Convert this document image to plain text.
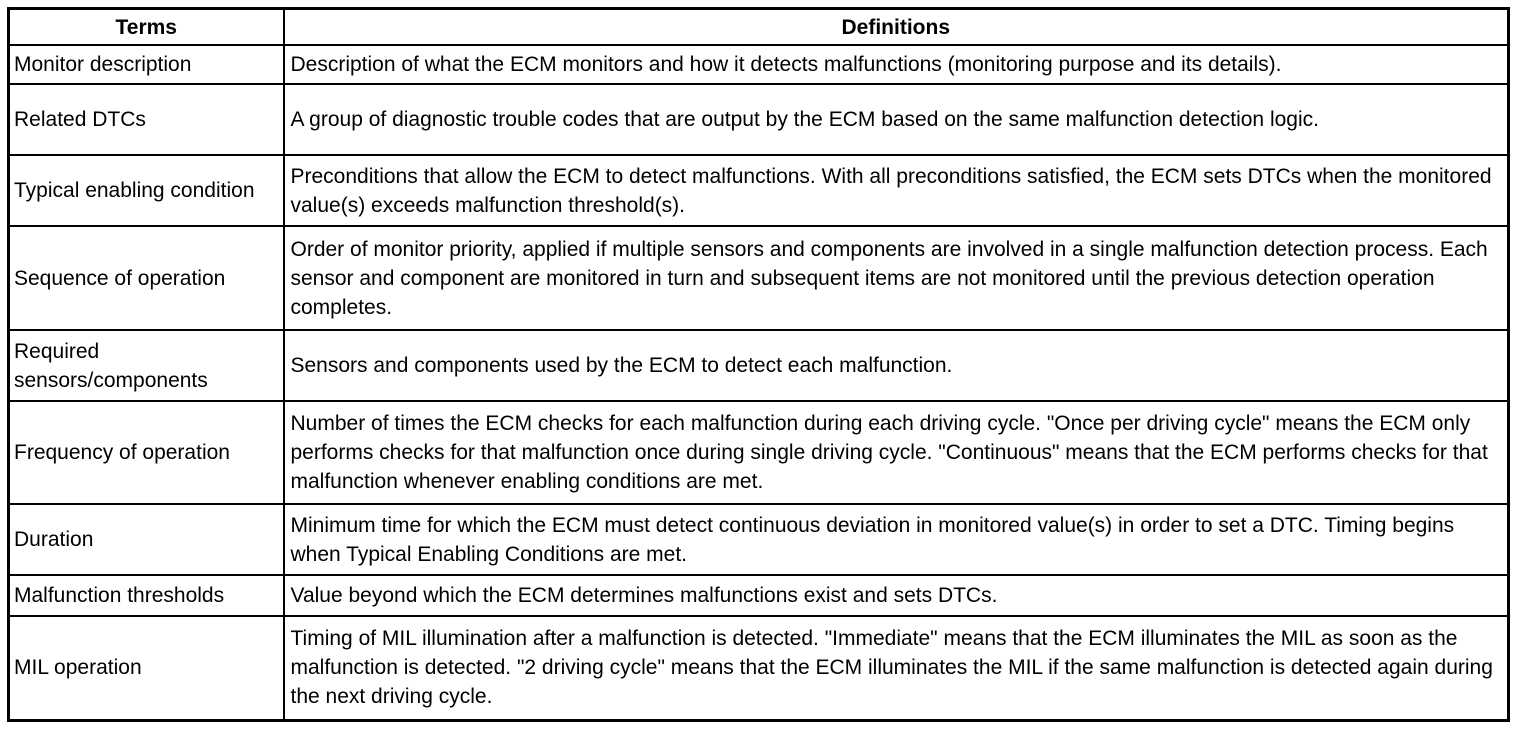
Terms	Definitions
Monitor description	Description of what the ECM monitors and how it detects malfunctions (monitoring purpose and its details).
Related DTCs	A group of diagnostic trouble codes that are output by the ECM based on the same malfunction detection logic.
Typical enabling condition	Preconditions that allow the ECM to detect malfunctions. With all preconditions satisfied, the ECM sets DTCs when the monitored value(s) exceeds malfunction threshold(s).
Sequence of operation	Order of monitor priority, applied if multiple sensors and components are involved in a single malfunction detection process. Each sensor and component are monitored in turn and subsequent items are not monitored until the previous detection operation completes.
Required sensors/components	Sensors and components used by the ECM to detect each malfunction.
Frequency of operation	Number of times the ECM checks for each malfunction during each driving cycle. "Once per driving cycle" means the ECM only performs checks for that malfunction once during single driving cycle. "Continuous" means that the ECM performs checks for that malfunction whenever enabling conditions are met.
Duration	Minimum time for which the ECM must detect continuous deviation in monitored value(s) in order to set a DTC. Timing begins when Typical Enabling Conditions are met.
Malfunction thresholds	Value beyond which the ECM determines malfunctions exist and sets DTCs.
MIL operation	Timing of MIL illumination after a malfunction is detected. "Immediate" means that the ECM illuminates the MIL as soon as the malfunction is detected. "2 driving cycle" means that the ECM illuminates the MIL if the same malfunction is detected again during the next driving cycle.
